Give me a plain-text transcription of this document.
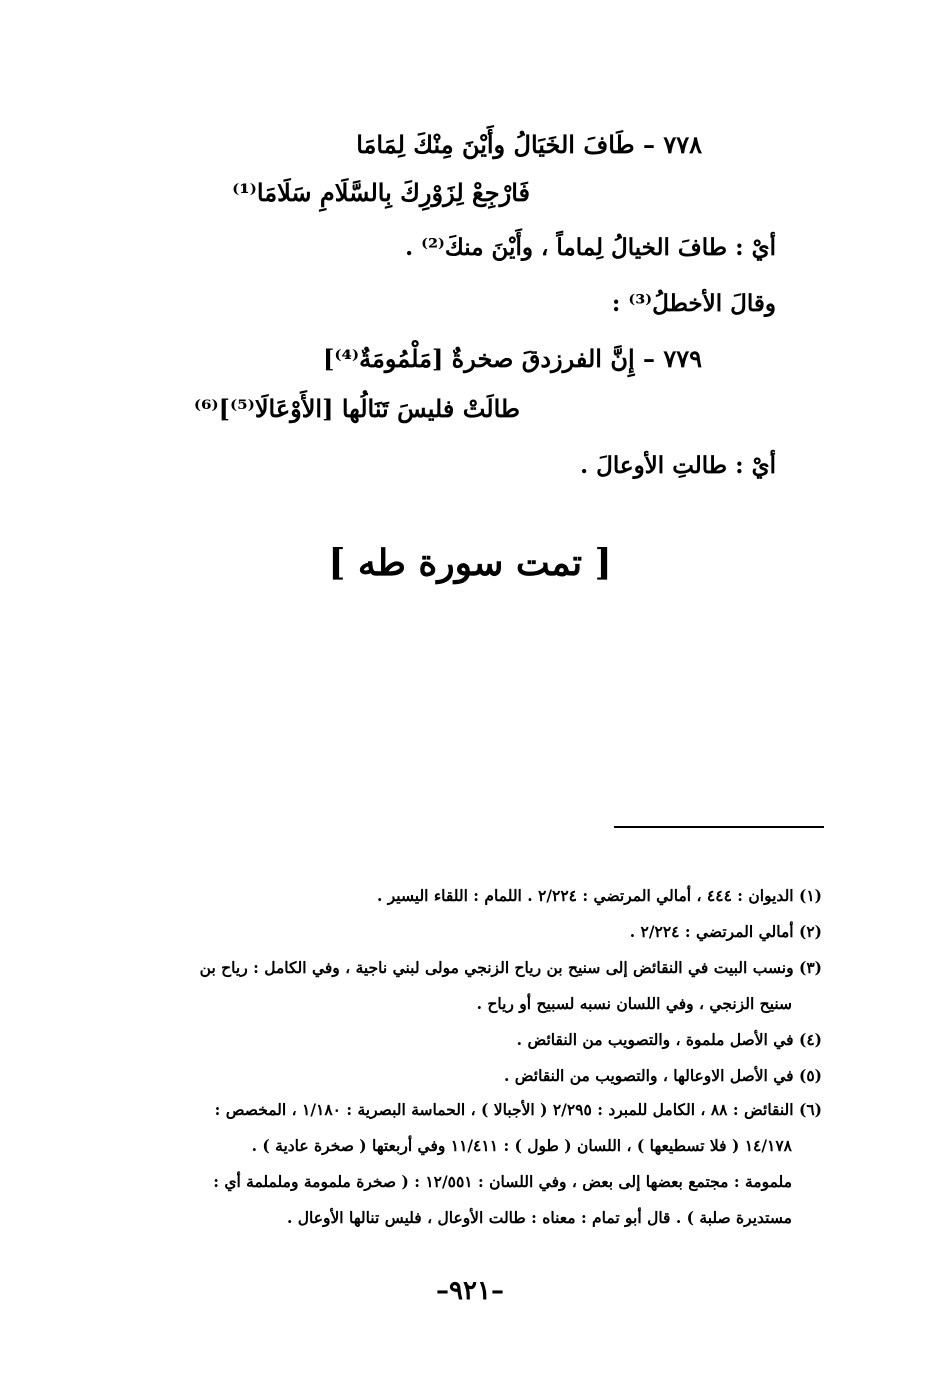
٧٧٨ – طَافَ الخَيَالُ وأَيْنَ مِنْكَ لِمَامَا
فَارْجِعْ لِزَوْرِكَ بِالسَّلَامِ سَلَامَا⁽¹⁾
أيْ : طافَ الخيالُ لِماماً ، وأَيْنَ منكَ⁽²⁾ .
وقالَ الأخطلُ⁽³⁾ :
٧٧٩ – إِنَّ الفرزدقَ صخرةٌ [مَلْمُومَةٌ⁽⁴⁾]
طالَتْ فليسَ تَنَالُها [الأَوْعَالَا⁽⁵⁾]⁽⁶⁾
أيْ : طالتِ الأوعالَ .
[ تمت سورة طه ]
(١) الديوان : ٤٤٤ ، أمالي المرتضي : ٢/٢٢٤ . اللمام : اللقاء اليسير .
(٢) أمالي المرتضي : ٢/٢٢٤ .
(٣) ونسب البيت في النقائض إلى سنيح بن رياح الزنجي مولى لبني ناجية ، وفي الكامل : رياح بن
سنيح الزنجي ، وفي اللسان نسبه لسبيح أو رياح .
(٤) في الأصل ملموة ، والتصويب من النقائض .
(٥) في الأصل الاوعالها ، والتصويب من النقائض .
(٦) النقائض : ٨٨ ، الكامل للمبرد : ٢/٢٩٥ ( الأجبالا ) ، الحماسة البصرية : ١/١٨٠ ، المخصص :
١٤/١٧٨ ( فلا تسطيعها ) ، اللسان ( طول ) : ١١/٤١١ وفي أربعتها ( صخرة عادية ) .
ملمومة : مجتمع بعضها إلى بعض ، وفي اللسان : ١٢/٥٥١ : ( صخرة ملمومة وململمة أي :
مستديرة صلبة ) . قال أبو تمام : معناه : طالت الأوعال ، فليس تنالها الأوعال .
–٩٢١–
